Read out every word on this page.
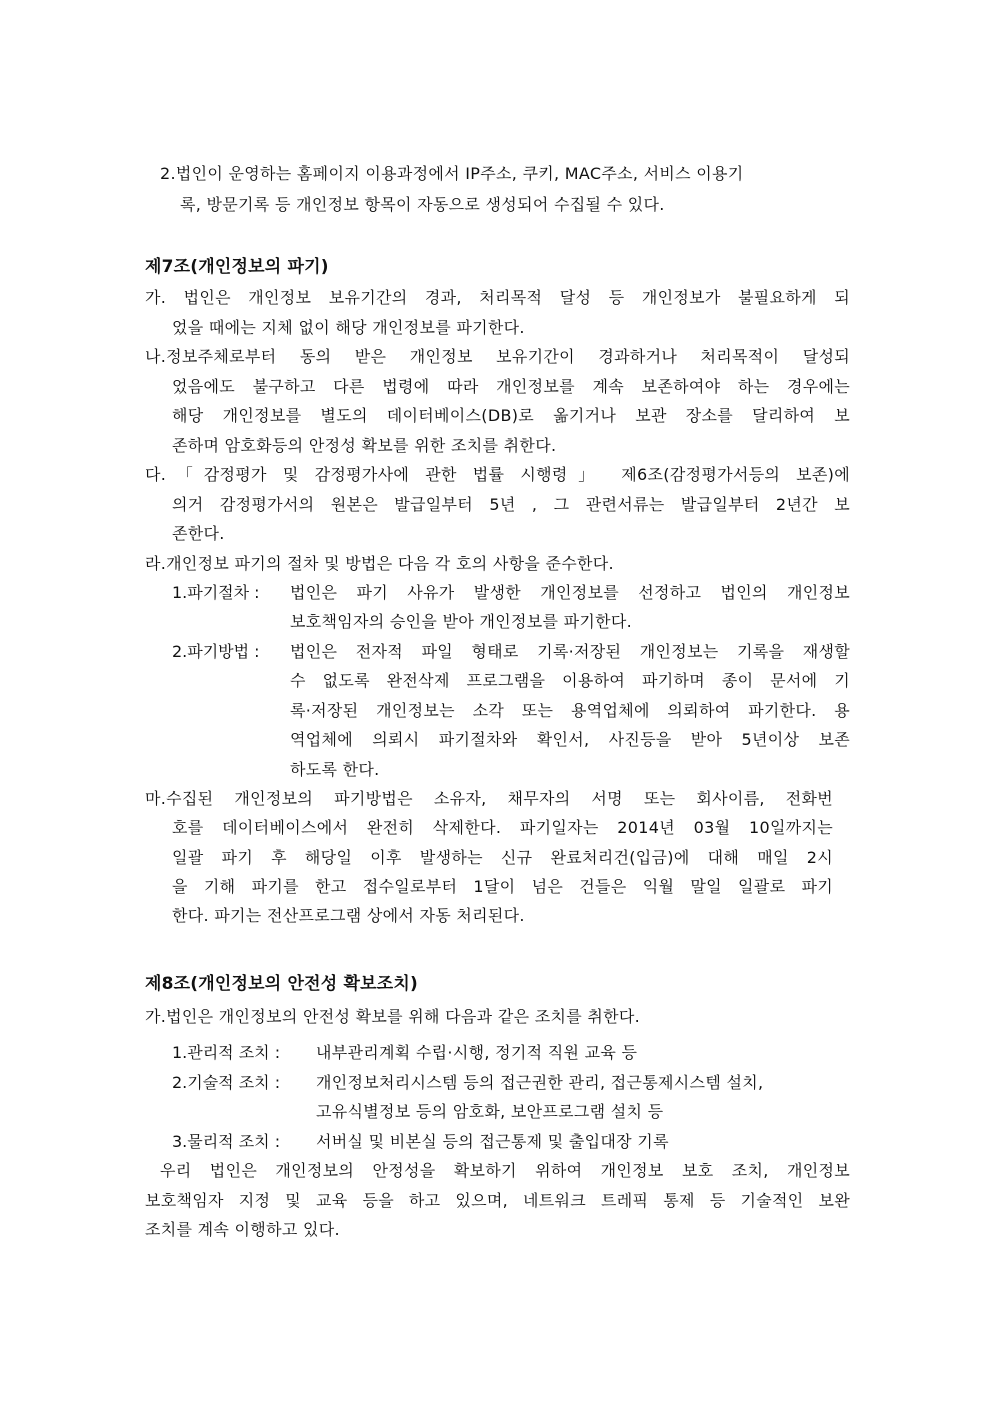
2.법인이 운영하는 홈페이지 이용과정에서 IP주소, 쿠키, MAC주소, 서비스 이용기
록, 방문기록 등 개인정보 항목이 자동으로 생성되어 수집될 수 있다.
제7조(개인정보의 파기)
가. 법인은 개인정보 보유기간의 경과, 처리목적 달성 등 개인정보가 불필요하게 되
었을 때에는 지체 없이 해당 개인정보를 파기한다.
나.정보주체로부터 동의 받은 개인정보 보유기간이 경과하거나 처리목적이 달성되
었음에도 불구하고 다른 법령에 따라 개인정보를 계속 보존하여야 하는 경우에는
해당 개인정보를 별도의 데이터베이스(DB)로 옮기거나 보관 장소를 달리하여 보
존하며 암호화등의 안정성 확보를 위한 조치를 취한다.
다.「감정평가 및 감정평가사에 관한 법률 시행령」 제6조(감정평가서등의 보존)에
의거 감정평가서의 원본은 발급일부터 5년 , 그 관련서류는 발급일부터 2년간 보
존한다.
라.개인정보 파기의 절차 및 방법은 다음 각 호의 사항을 준수한다.
1.파기절차 : 법인은 파기 사유가 발생한 개인정보를 선정하고 법인의 개인정보
보호책임자의 승인을 받아 개인정보를 파기한다.
2.파기방법 : 법인은 전자적 파일 형태로 기록·저장된 개인정보는 기록을 재생할
수 없도록 완전삭제 프로그램을 이용하여 파기하며 종이 문서에 기
록·저장된 개인정보는 소각 또는 용역업체에 의뢰하여 파기한다. 용
역업체에 의뢰시 파기절차와 확인서, 사진등을 받아 5년이상 보존
하도록 한다.
마.수집된 개인정보의 파기방법은 소유자, 채무자의 서명 또는 회사이름, 전화번
호를 데이터베이스에서 완전히 삭제한다. 파기일자는 2014년 03월 10일까지는
일괄 파기 후 해당일 이후 발생하는 신규 완료처리건(입금)에 대해 매일 2시
을 기해 파기를 한고 접수일로부터 1달이 넘은 건들은 익월 말일 일괄로 파기
한다. 파기는 전산프로그램 상에서 자동 처리된다.
제8조(개인정보의 안전성 확보조치)
가.법인은 개인정보의 안전성 확보를 위해 다음과 같은 조치를 취한다.
1.관리적 조치 : 내부관리계획 수립·시행, 정기적 직원 교육 등
2.기술적 조치 : 개인정보처리시스템 등의 접근권한 관리, 접근통제시스템 설치,
고유식별정보 등의 암호화, 보안프로그램 설치 등
3.물리적 조치 : 서버실 및 비본실 등의 접근통제 및 출입대장 기록
우리 법인은 개인정보의 안정성을 확보하기 위하여 개인정보 보호 조치, 개인정보
보호책임자 지정 및 교육 등을 하고 있으며, 네트워크 트레픽 통제 등 기술적인 보완
조치를 계속 이행하고 있다.
